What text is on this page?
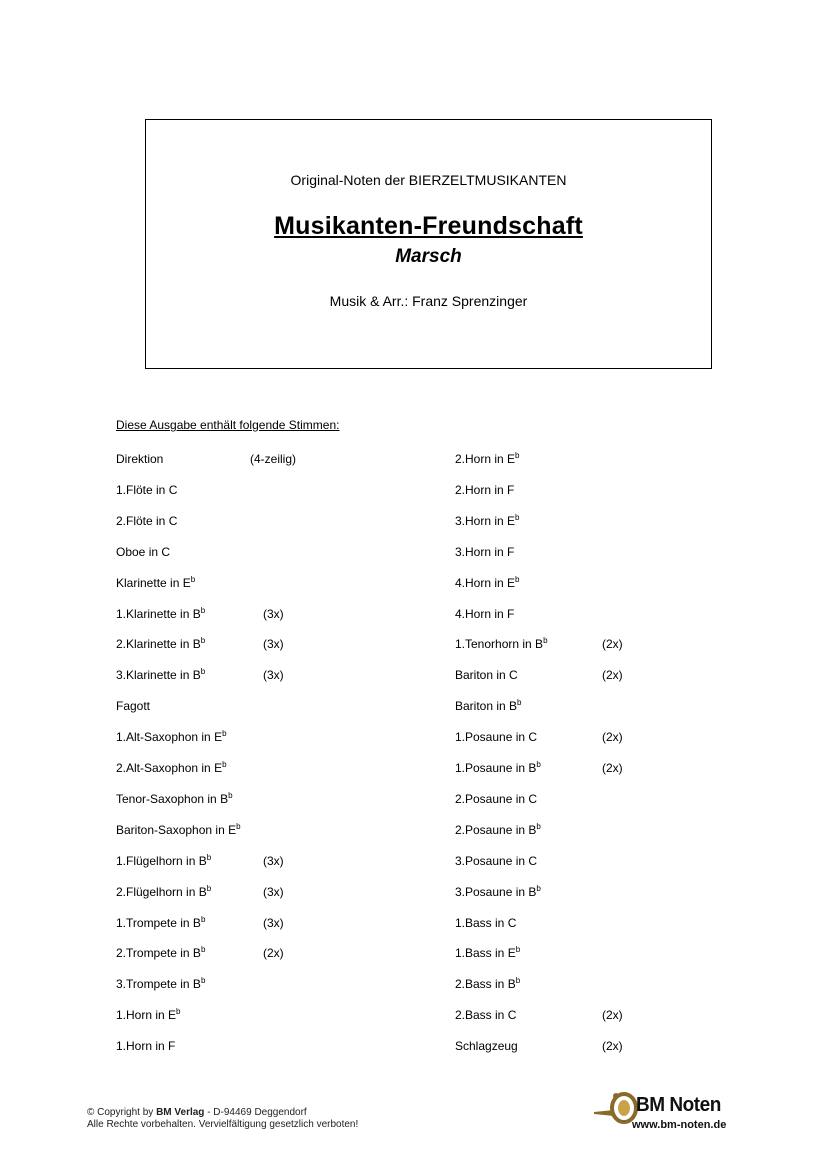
Original-Noten der BIERZELTMUSIKANTEN
Musikanten-Freundschaft
Marsch
Musik & Arr.: Franz Sprenzinger
Diese Ausgabe enthält folgende Stimmen:
Direktion	(4-zeilig)
1.Flöte in C
2.Flöte in C
Oboe in C
Klarinette in $E^b$
1.Klarinette in $B^b$	(3x)
2.Klarinette in $B^b$	(3x)
3.Klarinette in $B^b$	(3x)
Fagott
1.Alt-Saxophon in $E^b$
2.Alt-Saxophon in $E^b$
Tenor-Saxophon in $B^b$
Bariton-Saxophon in $E^b$
1.Flügelhorn in $B^b$	(3x)
2.Flügelhorn in $B^b$	(3x)
1.Trompete in $B^b$	(3x)
2.Trompete in $B^b$	(2x)
3.Trompete in $B^b$
1.Horn in $E^b$
1.Horn in F
2.Horn in $E^b$
2.Horn in F
3.Horn in $E^b$
3.Horn in F
4.Horn in $E^b$
4.Horn in F
1.Tenorhorn in $B^b$	(2x)
Bariton in C	(2x)
Bariton in $B^b$
1.Posaune in C	(2x)
1.Posaune in $B^b$	(2x)
2.Posaune in C
2.Posaune in $B^b$
3.Posaune in C
3.Posaune in $B^b$
1.Bass in C
1.Bass in $E^b$
2.Bass in $B^b$
2.Bass in C	(2x)
Schlagzeug	(2x)
© Copyright by BM Verlag - D-94469 Deggendorf
Alle Rechte vorbehalten. Vervielfältigung gesetzlich verboten!
BM Noten
www.bm-noten.de
